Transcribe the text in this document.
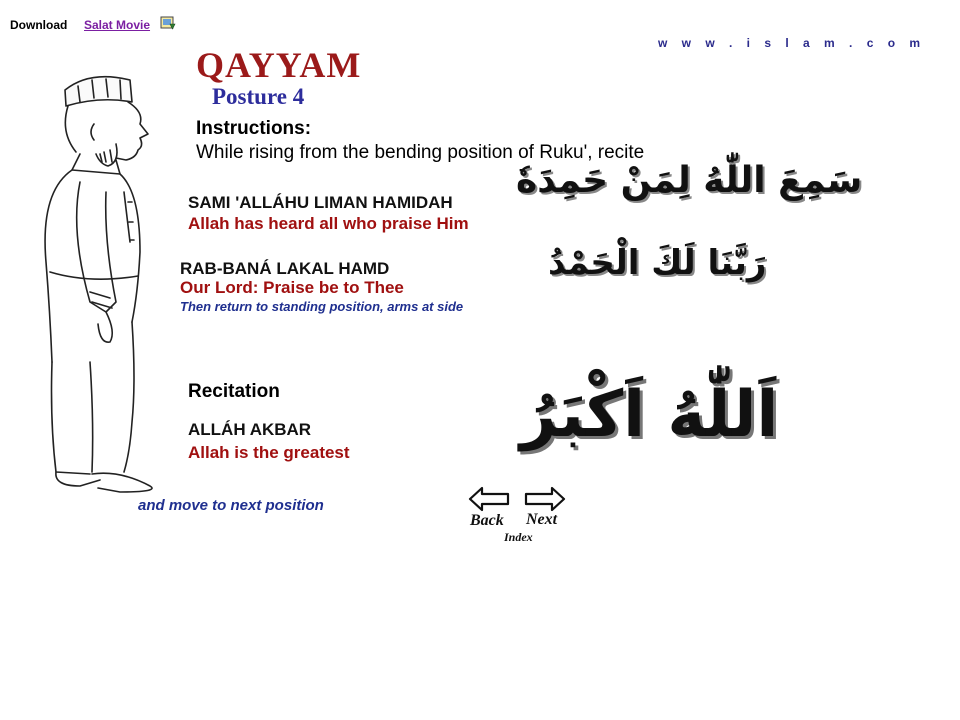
Download Salat Movie
w w w . i s l a m . c o m
QAYYAM
Posture 4
Instructions:
While rising from the bending position of Ruku', recite
SAMI 'ALLÁHU LIMAN HAMIDAH
Allah has heard all who praise Him
سَمِعَ اللّٰهُ لِمَنْ حَمِدَهٗ
RAB-BANÁ LAKAL HAMD
Our Lord: Praise be to Thee
Then return to standing position, arms at side
رَبَّنَا لَكَ الْحَمْدُ
Recitation
ALLÁH AKBAR
Allah is the greatest
اَللّٰهُ اَكْبَرُ
and move to next position
Back Next
Index
